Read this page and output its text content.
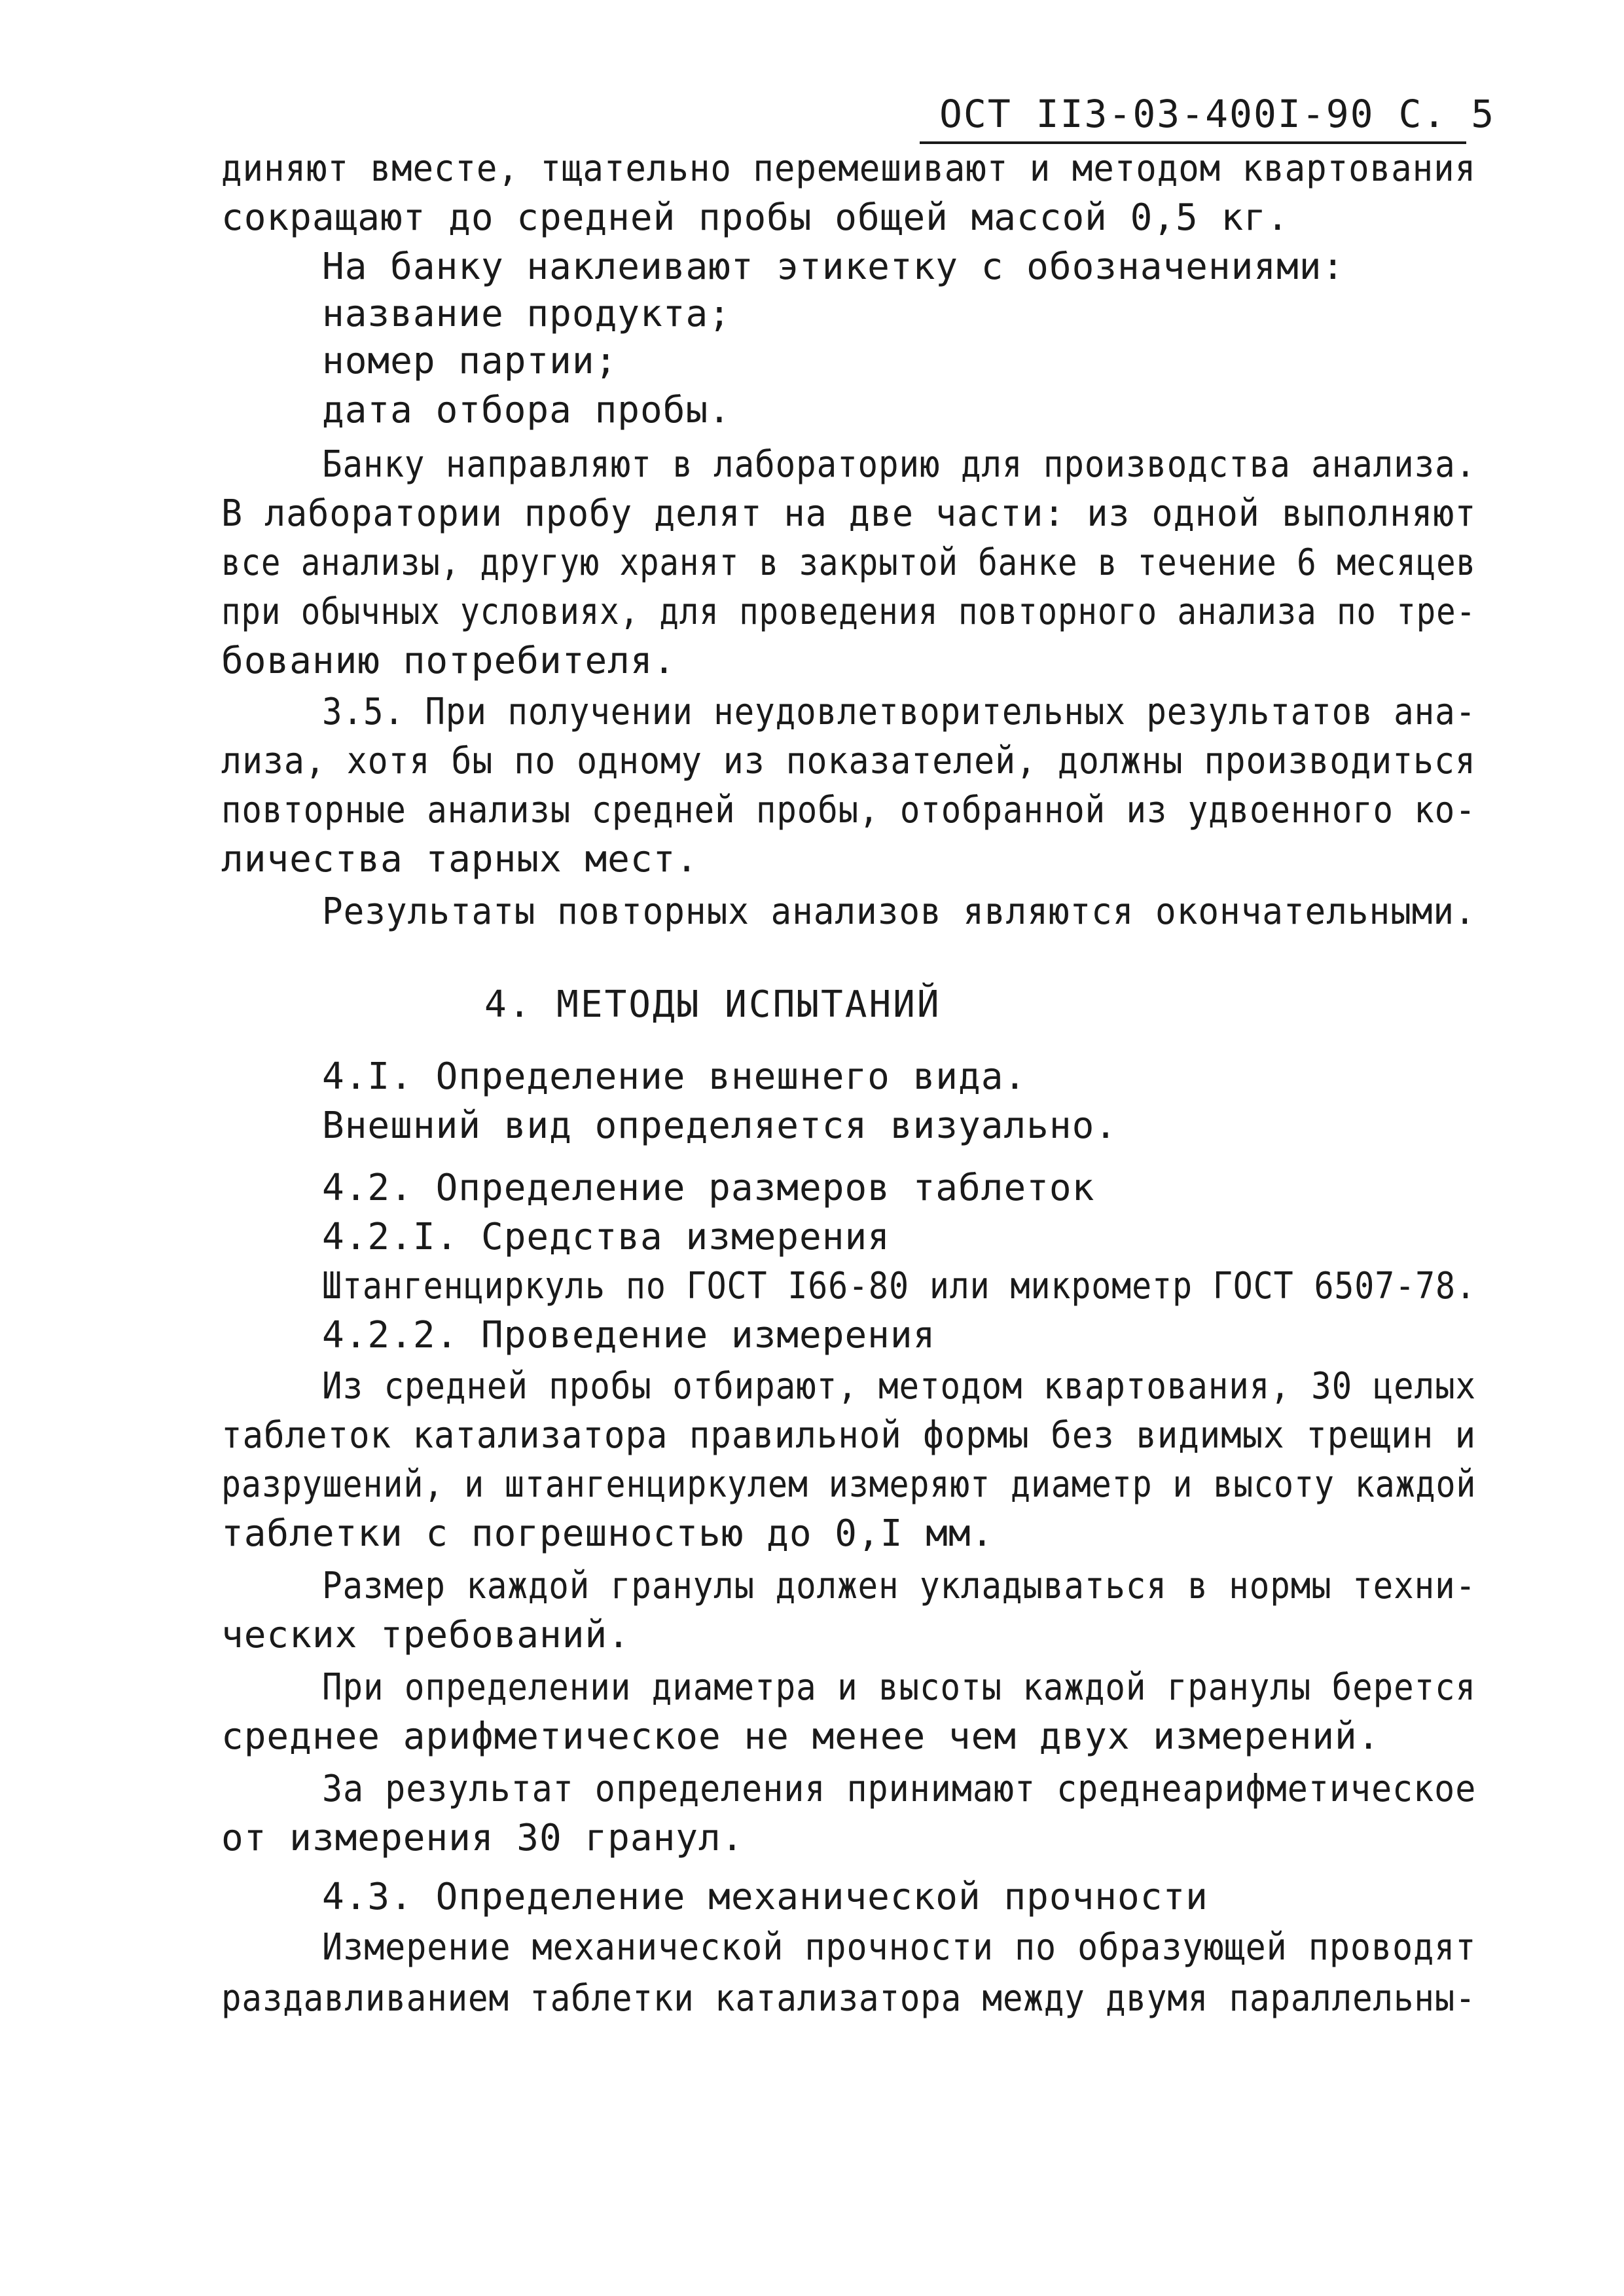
ОСТ II3-03-400I-90 С. 5
диняют вместе, тщательно перемешивают и методом квартования
сокращают до средней пробы общей массой 0,5 кг.
На банку наклеивают этикетку с обозначениями:
название продукта;
номер партии;
дата отбора пробы.
Банку направляют в лабораторию для производства анализа.
В лаборатории пробу делят на две части: из одной выполняют
все анализы, другую хранят в закрытой банке в течение 6 месяцев
при обычных условиях, для проведения повторного анализа по тре-
бованию потребителя.
3.5. При получении неудовлетворительных результатов ана-
лиза, хотя бы по одному из показателей, должны производиться
повторные анализы средней пробы, отобранной из удвоенного ко-
личества тарных мест.
Результаты повторных анализов являются окончательными.
4. МЕТОДЫ ИСПЫТАНИЙ
4.I. Определение внешнего вида.
Внешний вид определяется визуально.
4.2. Определение размеров таблеток
4.2.I. Средства измерения
Штангенциркуль по ГОСТ I66-80 или микрометр ГОСТ 6507-78.
4.2.2. Проведение измерения
Из средней пробы отбирают, методом квартования, 30 целых
таблеток катализатора правильной формы без видимых трещин и
разрушений, и штангенциркулем измеряют диаметр и высоту каждой
таблетки с погрешностью до 0,I мм.
Размер каждой гранулы должен укладываться в нормы техни-
ческих требований.
При определении диаметра и высоты каждой гранулы берется
среднее арифметическое не менее чем двух измерений.
За результат определения принимают среднеарифметическое
от измерения 30 гранул.
4.3. Определение механической прочности
Измерение механической прочности по образующей проводят
раздавливанием таблетки катализатора между двумя параллельны-
